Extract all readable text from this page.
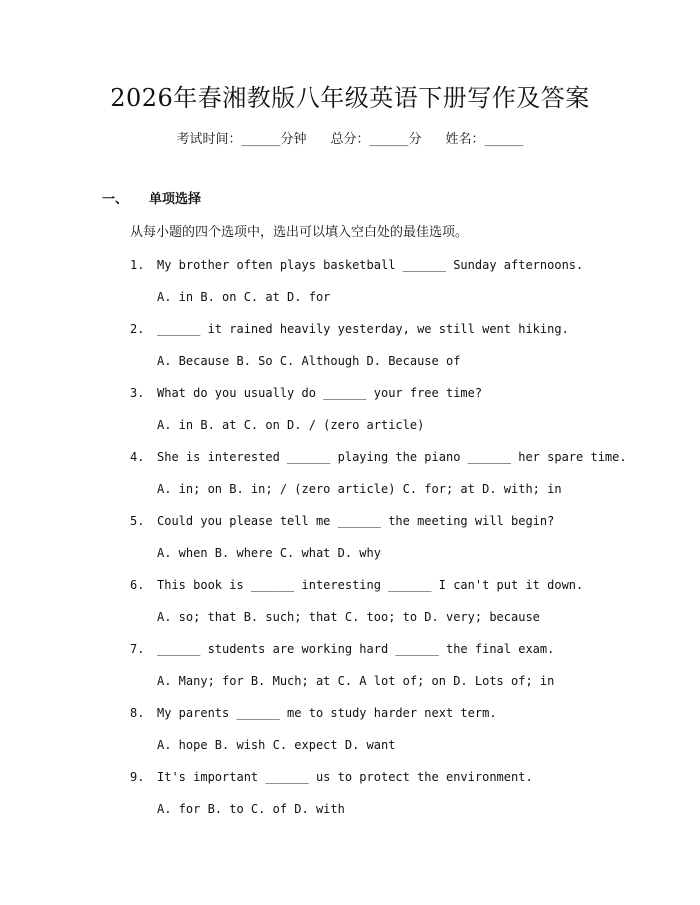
2026年春湘教版八年级英语下册写作及答案
考试时间：______分钟 总分：______分 姓名：______
一、 单项选择
从每小题的四个选项中，选出可以填入空白处的最佳选项。
1. My brother often plays basketball ______ Sunday afternoons.
A. in B. on C. at D. for
2. ______ it rained heavily yesterday, we still went hiking.
A. Because B. So C. Although D. Because of
3. What do you usually do ______ your free time?
A. in B. at C. on D. / (zero article)
4. She is interested ______ playing the piano ______ her spare time.
A. in; on B. in; / (zero article) C. for; at D. with; in
5. Could you please tell me ______ the meeting will begin?
A. when B. where C. what D. why
6. This book is ______ interesting ______ I can't put it down.
A. so; that B. such; that C. too; to D. very; because
7. ______ students are working hard ______ the final exam.
A. Many; for B. Much; at C. A lot of; on D. Lots of; in
8. My parents ______ me to study harder next term.
A. hope B. wish C. expect D. want
9. It's important ______ us to protect the environment.
A. for B. to C. of D. with
